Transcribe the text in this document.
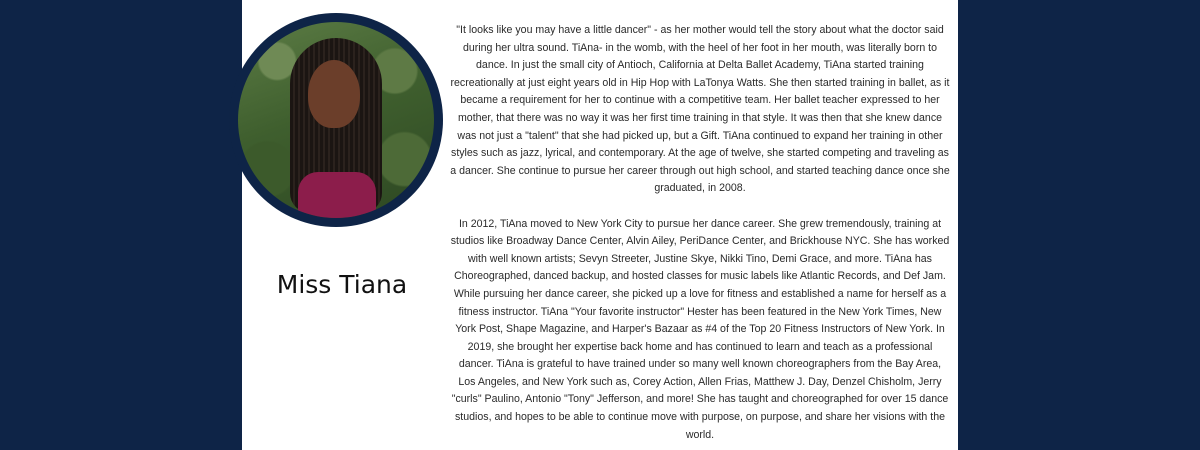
Miss Tiana

"It looks like you may have a little dancer" - as her mother would tell the story about what the doctor said during her ultra sound. TiAna- in the womb, with the heel of her foot in her mouth, was literally born to dance. In just the small city of Antioch, California at Delta Ballet Academy, TiAna started training recreationally at just eight years old in Hip Hop with LaTonya Watts. She then started training in ballet, as it became a requirement for her to continue with a competitive team. Her ballet teacher expressed to her mother, that there was no way it was her first time training in that style. It was then that she knew dance was not just a "talent" that she had picked up, but a Gift. TiAna continued to expand her training in other styles such as jazz, lyrical, and contemporary. At the age of twelve, she started competing and traveling as a dancer. She continue to pursue her career through out high school, and started teaching dance once she graduated, in 2008.

In 2012, TiAna moved to New York City to pursue her dance career. She grew tremendously, training at studios like Broadway Dance Center, Alvin Ailey, PeriDance Center, and Brickhouse NYC. She has worked with well known artists; Sevyn Streeter, Justine Skye, Nikki Tino, Demi Grace, and more. TiAna has Choreographed, danced backup, and hosted classes for music labels like Atlantic Records, and Def Jam. While pursuing her dance career, she picked up a love for fitness and established a name for herself as a fitness instructor. TiAna "Your favorite instructor" Hester has been featured in the New York Times, New York Post, Shape Magazine, and Harper's Bazaar as #4 of the Top 20 Fitness Instructors of New York. In 2019, she brought her expertise back home and has continued to learn and teach as a professional dancer. TiAna is grateful to have trained under so many well known choreographers from the Bay Area, Los Angeles, and New York such as, Corey Action, Allen Frias, Matthew J. Day, Denzel Chisholm, Jerry "curls" Paulino, Antonio "Tony" Jefferson, and more! She has taught and choreographed for over 15 dance studios, and hopes to be able to continue move with purpose, on purpose, and share her visions with the world.
